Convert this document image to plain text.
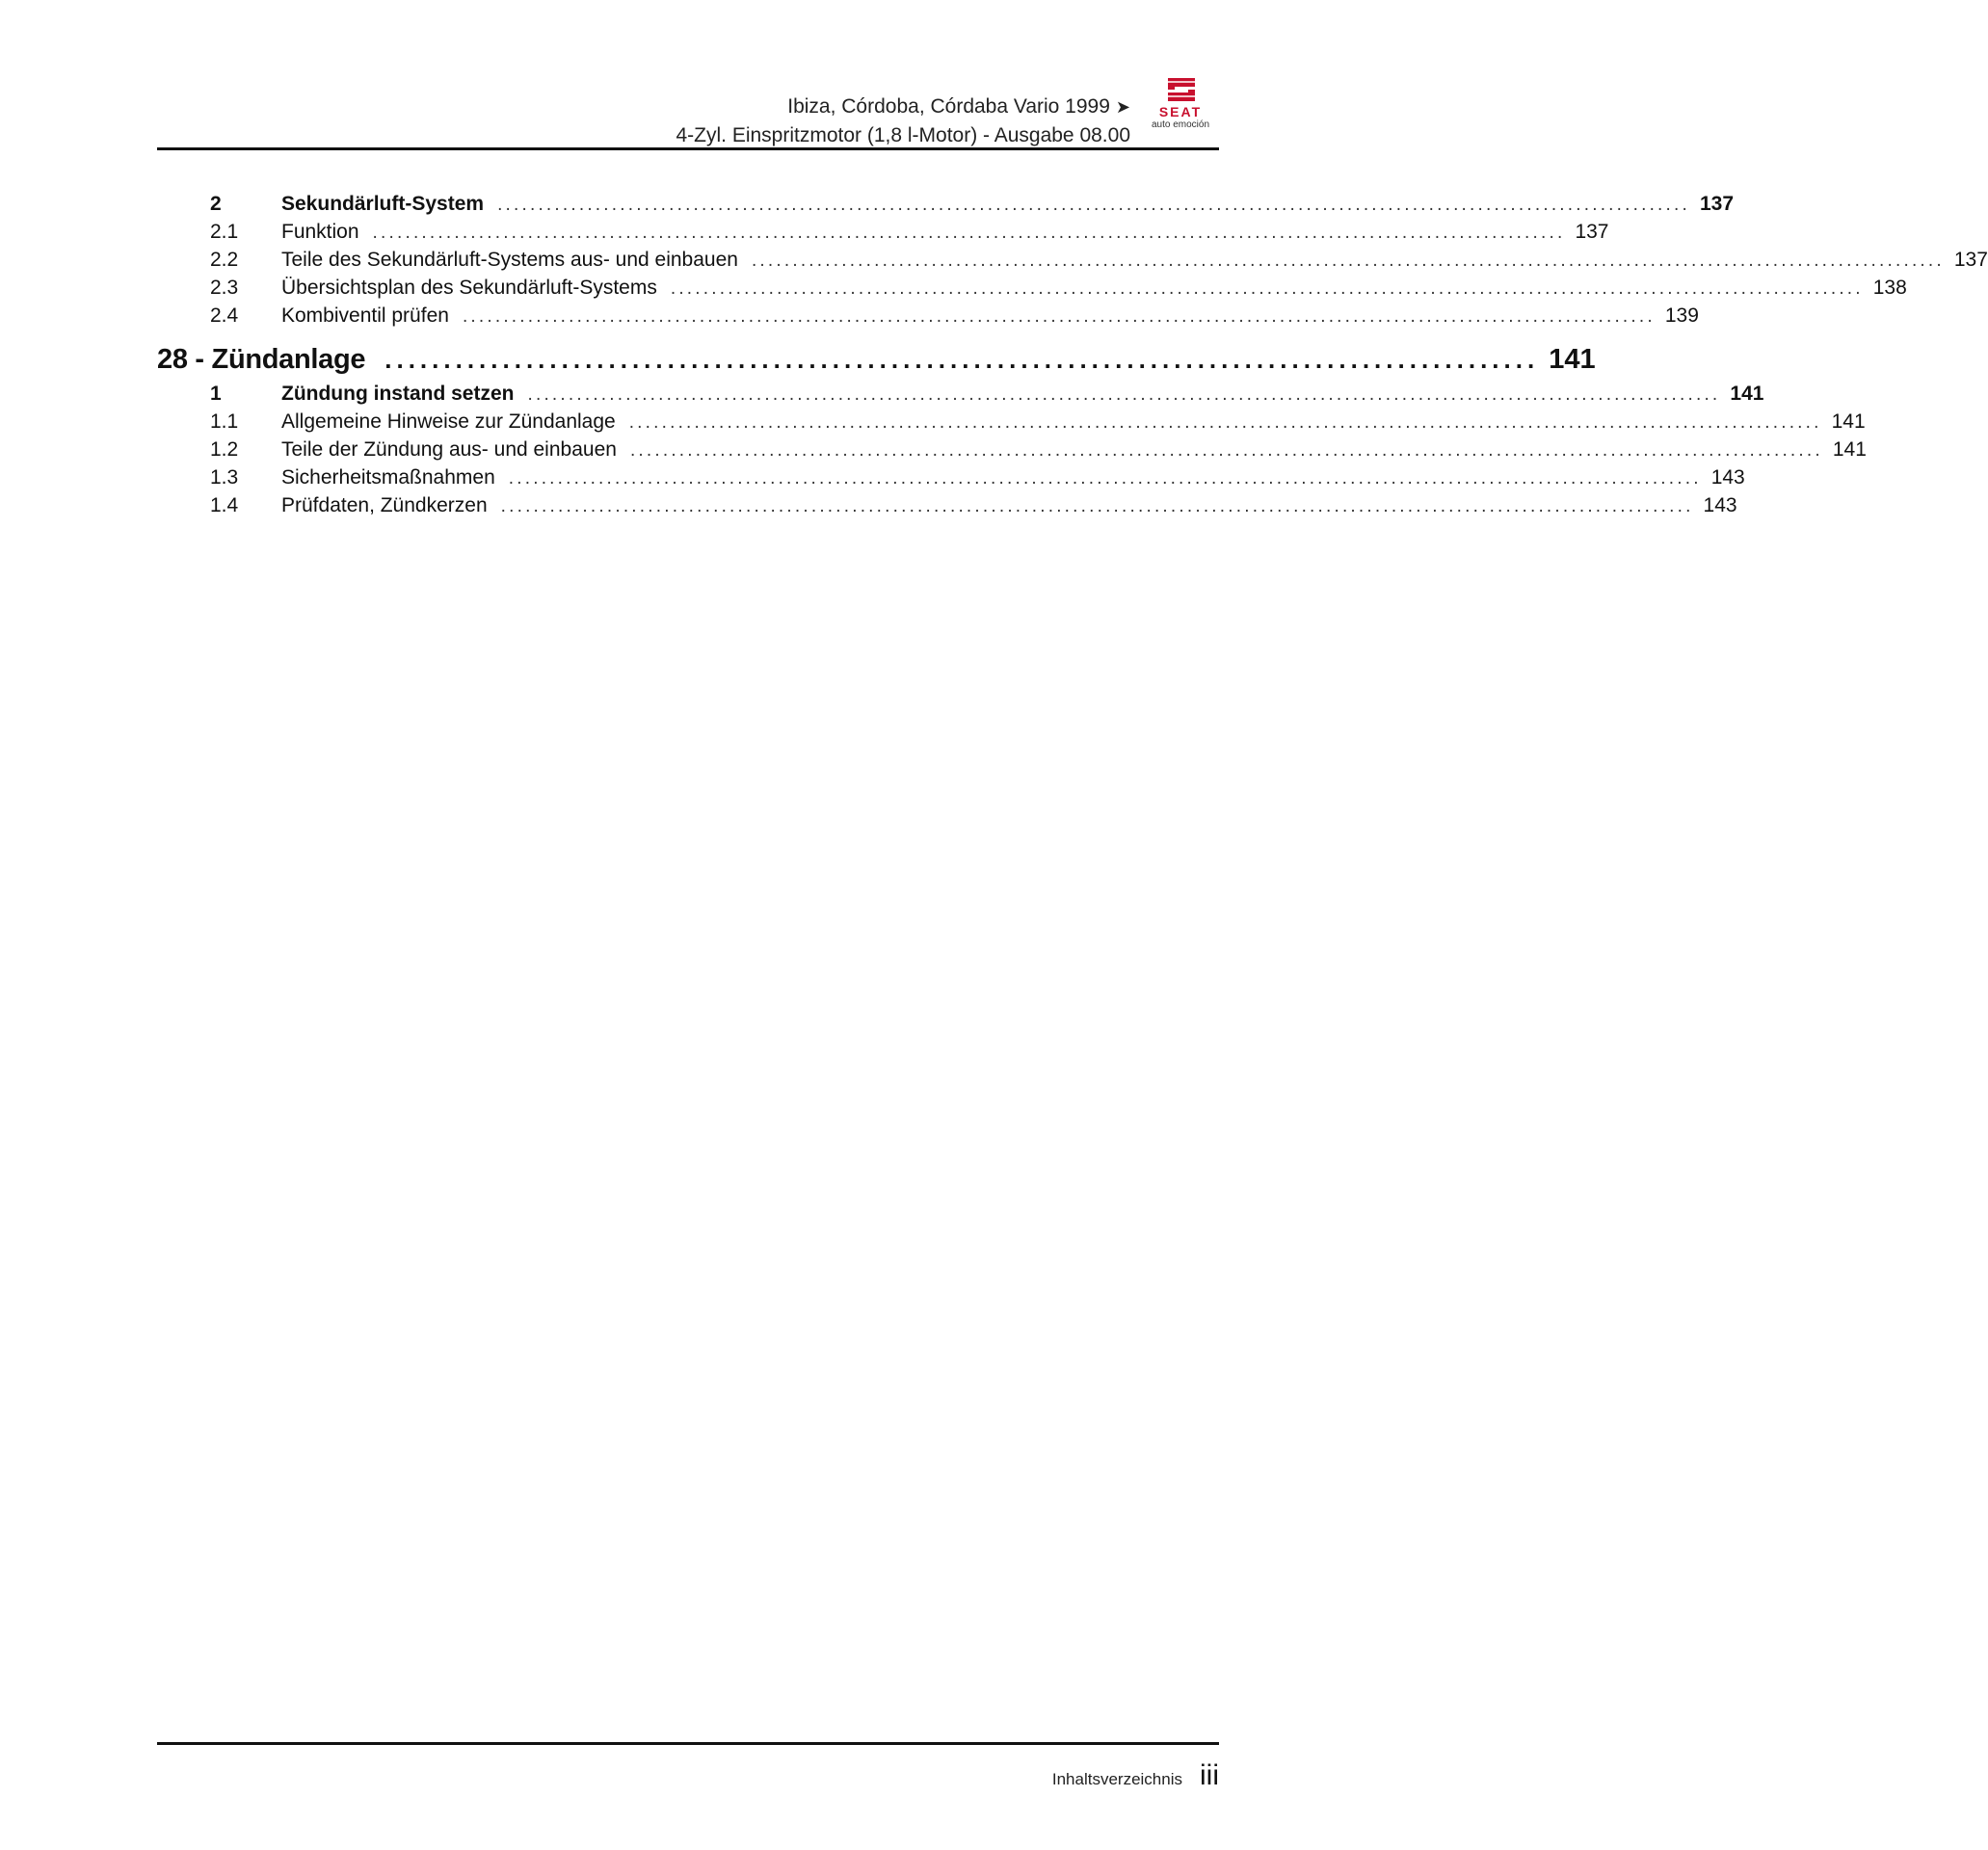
Ibiza, Córdoba, Córdaba Vario 1999 ➤
4-Zyl. Einspritzmotor (1,8 l-Motor) - Ausgabe 08.00
SEAT
auto emoción
2	Sekundärluft-System .................................................................................................................................................. 137
2.1	Funktion .................................................................................................................................................. 137
2.2	Teile des Sekundärluft-Systems aus- und einbauen .................................................................................................................................................. 137
2.3	Übersichtsplan des Sekundärluft-Systems .................................................................................................................................................. 138
2.4	Kombiventil prüfen .................................................................................................................................................. 139
28 - Zündanlage .................................................................................................. 141
1	Zündung instand setzen .................................................................................................................................................. 141
1.1	Allgemeine Hinweise zur Zündanlage .................................................................................................................................................. 141
1.2	Teile der Zündung aus- und einbauen .................................................................................................................................................. 141
1.3	Sicherheitsmaßnahmen .................................................................................................................................................. 143
1.4	Prüfdaten, Zündkerzen .................................................................................................................................................. 143
Inhaltsverzeichnis iii
